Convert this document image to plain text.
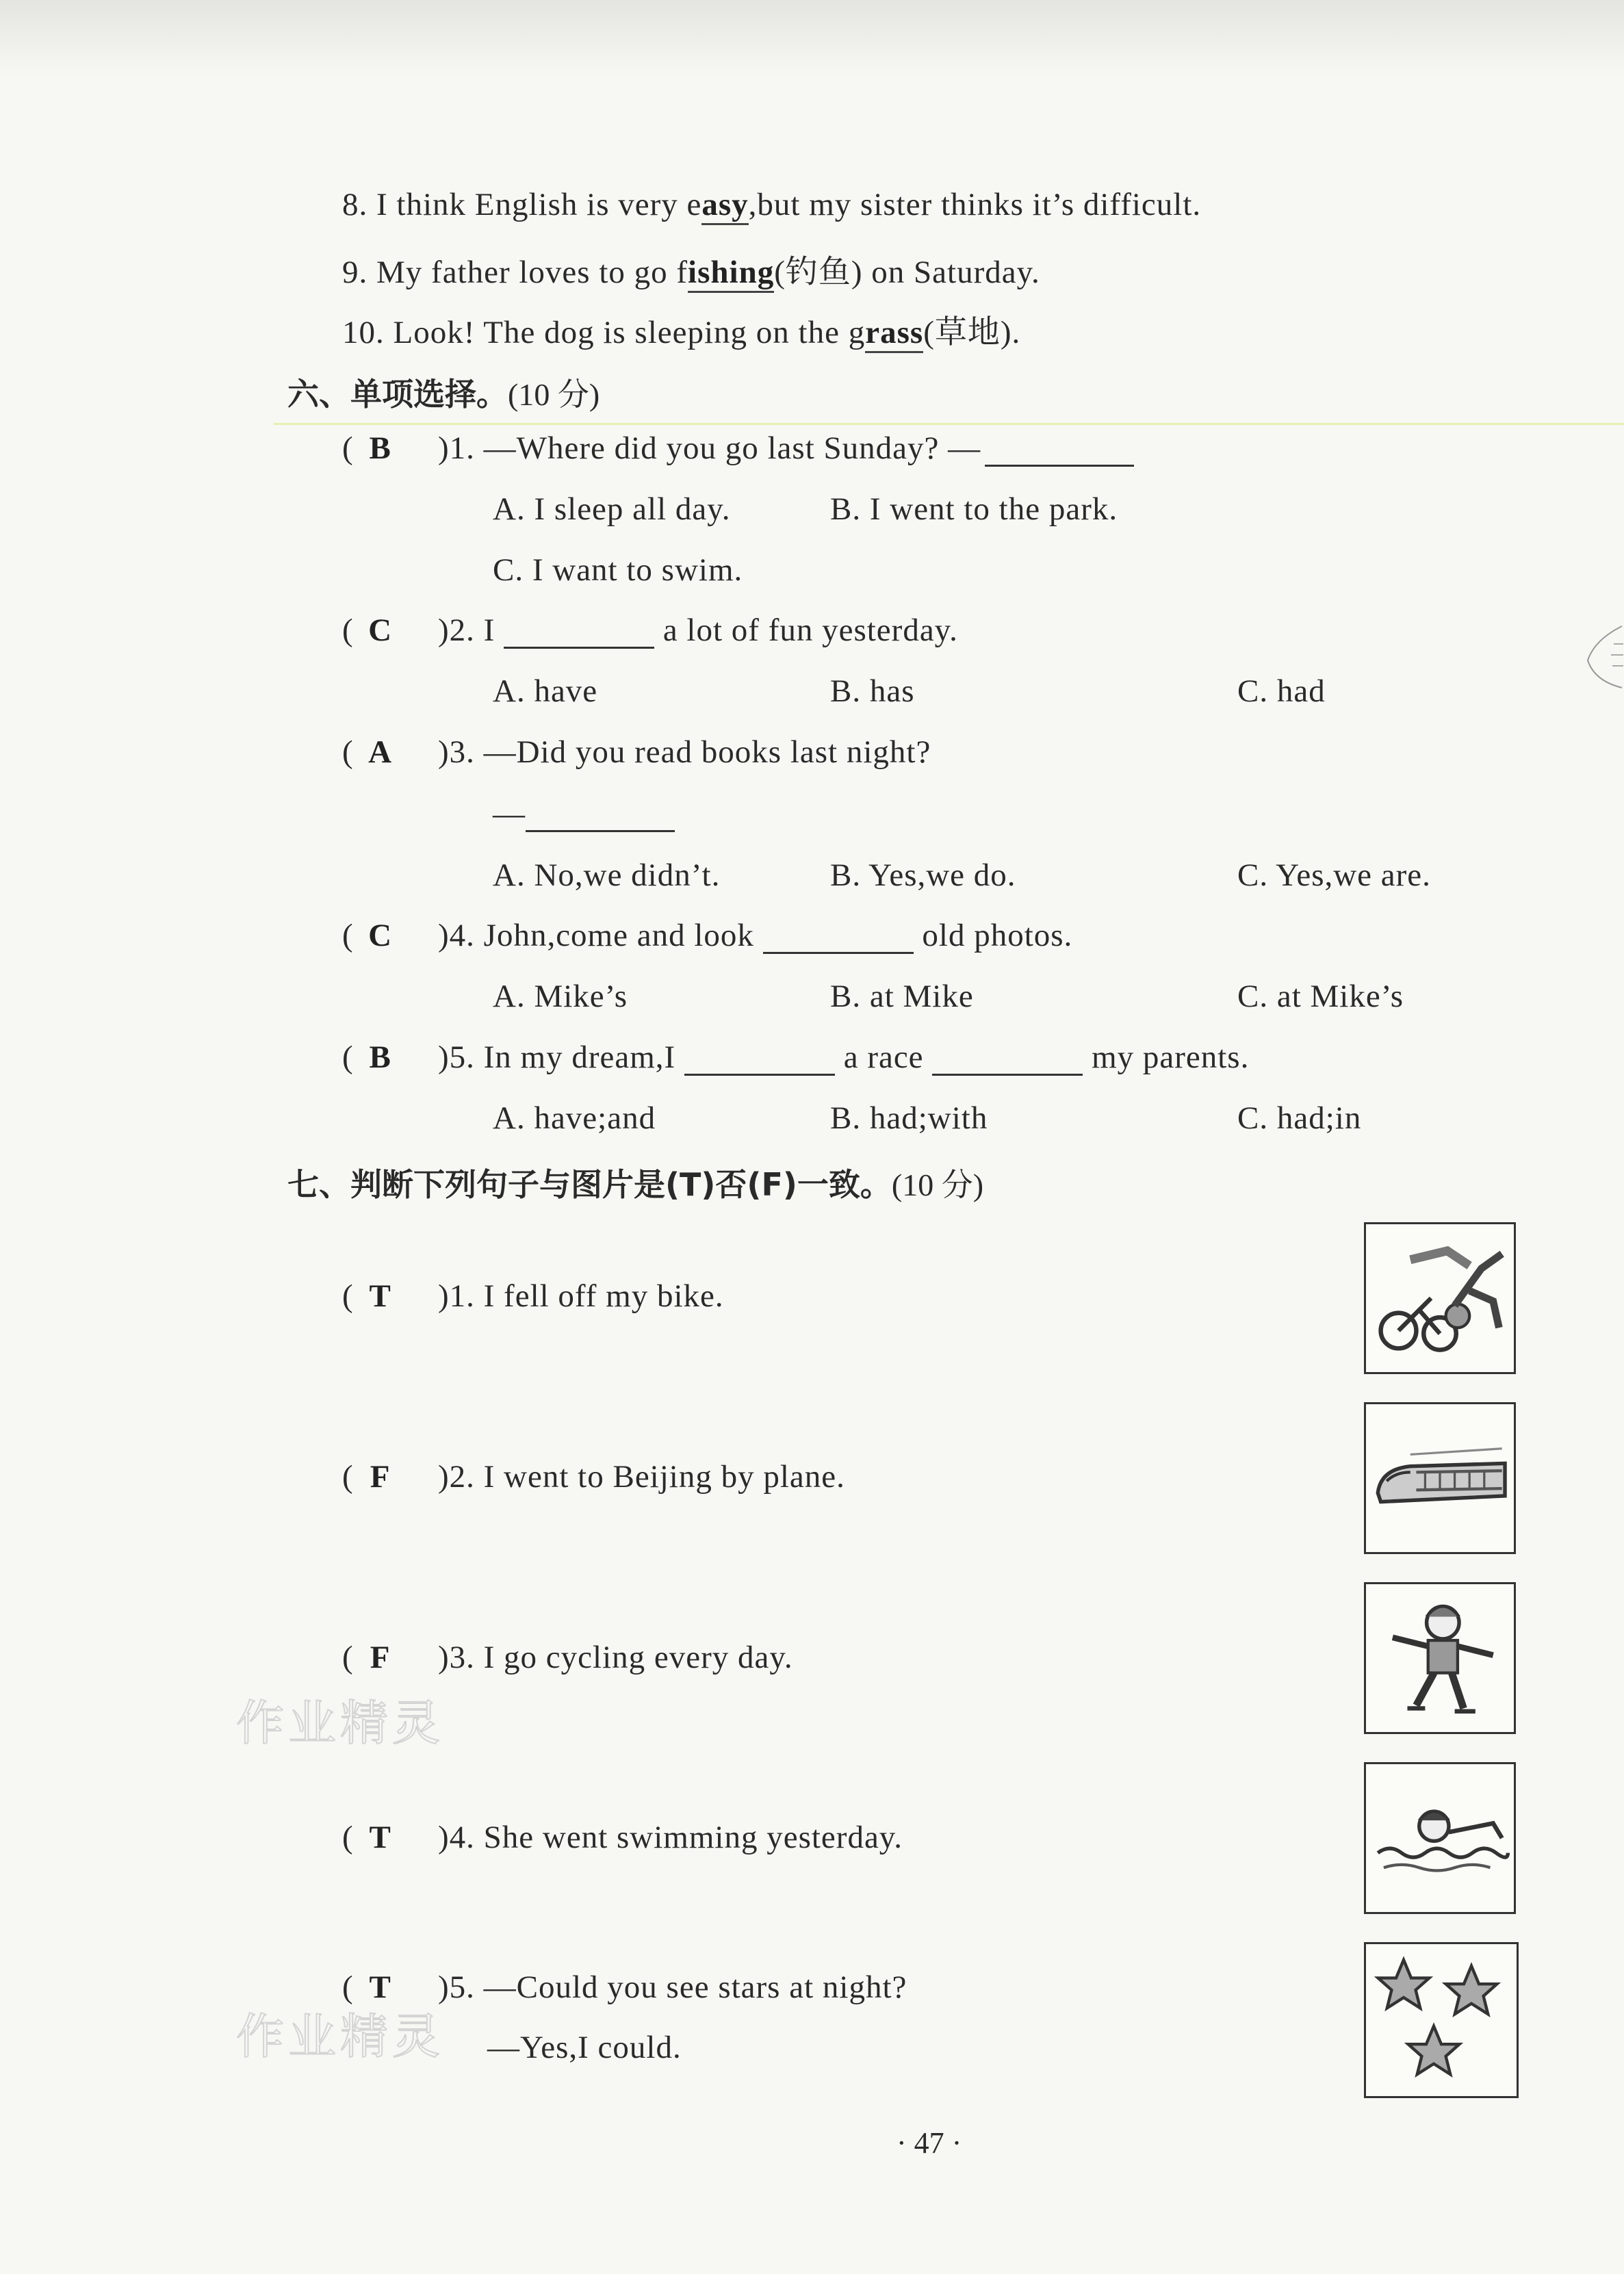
8. I think English is very easy,but my sister thinks it’s difficult.
9. My father loves to go fishing(钓鱼) on Saturday.
10. Look! The dog is sleeping on the grass(草地).
六、单项选择。(10 分)
( B )1. —Where did you go last Sunday? —
A. I sleep all day.	B. I went to the park.
C. I want to swim.
( C )2. I	a lot of fun yesterday.
A. have	B. has	C. had
( A )3. —Did you read books last night?
—
A. No,we didn’t.	B. Yes,we do.	C. Yes,we are.
( C )4. John,come and look	old photos.
A. Mike’s	B. at Mike	C. at Mike’s
( B )5. In my dream,I	a race	my parents.
A. have;and	B. had;with	C. had;in
七、判断下列句子与图片是(T)否(F)一致。(10 分)
( T )1. I fell off my bike.
( F )2. I went to Beijing by plane.
( F )3. I go cycling every day.
( T )4. She went swimming yesterday.
( T )5. —Could you see stars at night?
—Yes,I could.
作业精灵
作业精灵
· 47 ·
